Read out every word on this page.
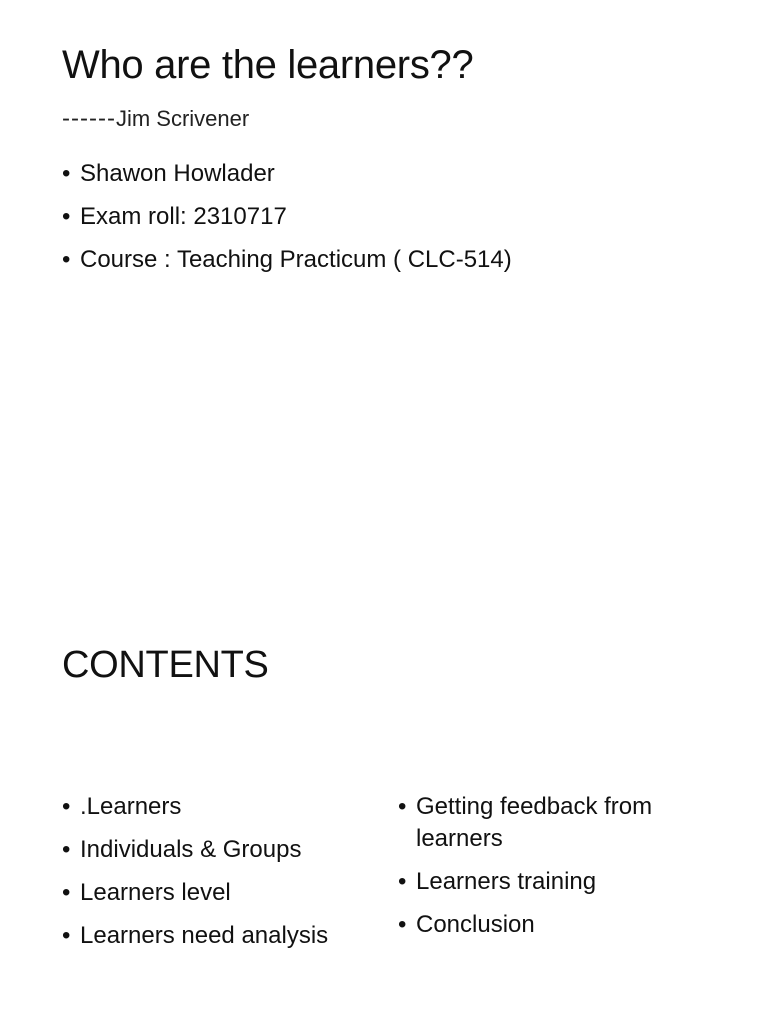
Who are the learners??
------Jim Scrivener
• Shawon Howlader
• Exam roll: 2310717
• Course : Teaching Practicum ( CLC-514)
CONTENTS
• .Learners
• Individuals & Groups
• Learners level
• Learners need analysis
• Getting feedback from learners
• Learners training
• Conclusion
